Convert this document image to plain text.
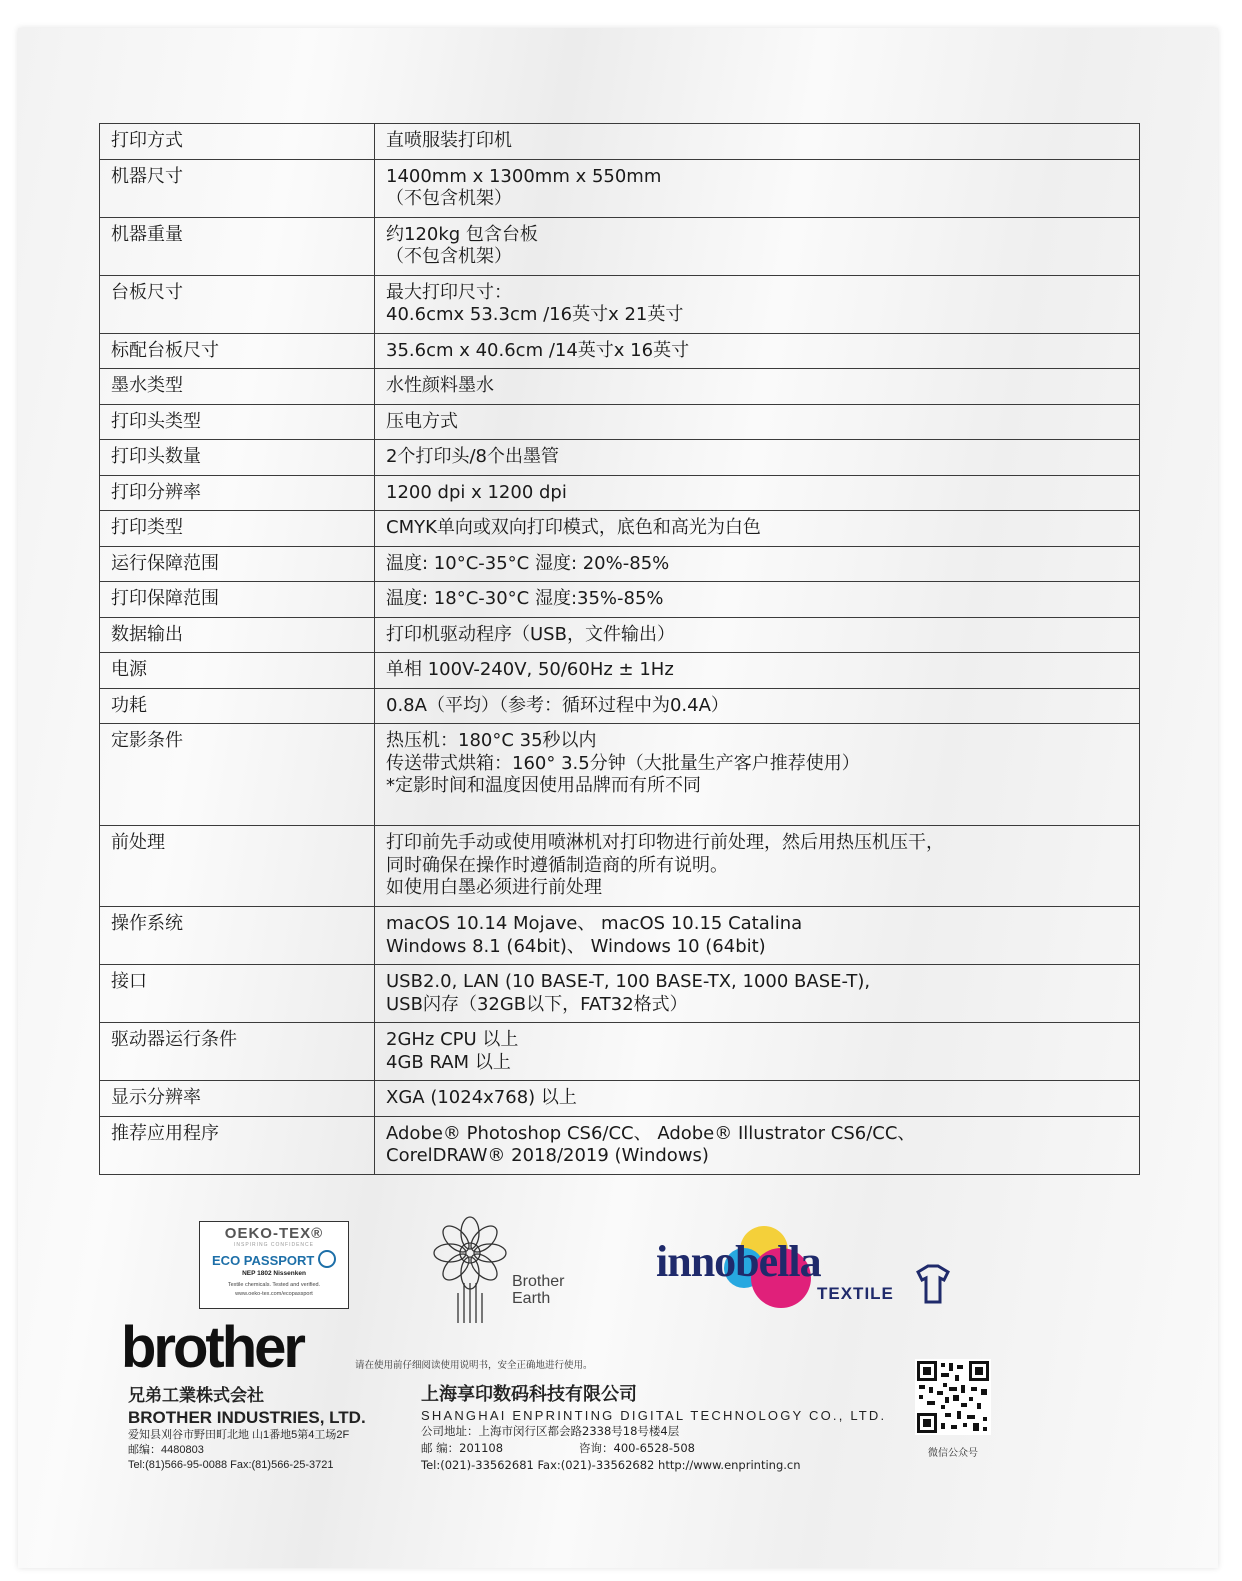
打印方式	直喷服装打印机
机器尺寸	1400mm x 1300mm x 550mm
（不包含机架）
机器重量	约120kg 包含台板
（不包含机架）
台板尺寸	最大打印尺寸：
40.6cmx 53.3cm /16英寸x 21英寸
标配台板尺寸	35.6cm x 40.6cm /14英寸x 16英寸
墨水类型	水性颜料墨水
打印头类型	压电方式
打印头数量	2个打印头/8个出墨管
打印分辨率	1200 dpi x 1200 dpi
打印类型	CMYK单向或双向打印模式，底色和高光为白色
运行保障范围	温度: 10°C-35°C 湿度: 20%-85%
打印保障范围	温度: 18°C-30°C 湿度:35%-85%
数据输出	打印机驱动程序（USB，文件输出）
电源	单相 100V-240V, 50/60Hz ± 1Hz
功耗	0.8A（平均）（参考：循环过程中为0.4A）
定影条件	热压机：180°C 35秒以内
传送带式烘箱：160° 3.5分钟（大批量生产客户推荐使用）
*定影时间和温度因使用品牌而有所不同
前处理	打印前先手动或使用喷淋机对打印物进行前处理，然后用热压机压干，
同时确保在操作时遵循制造商的所有说明。
如使用白墨必须进行前处理
操作系统	macOS 10.14 Mojave、 macOS 10.15 Catalina
Windows 8.1 (64bit)、 Windows 10 (64bit)
接口	USB2.0, LAN (10 BASE-T, 100 BASE-TX, 1000 BASE-T),
USB闪存（32GB以下，FAT32格式）
驱动器运行条件	2GHz CPU 以上
4GB RAM 以上
显示分辨率	XGA (1024x768) 以上
推荐应用程序	Adobe® Photoshop CS6/CC、 Adobe® Illustrator CS6/CC、
CorelDRAW® 2018/2019 (Windows)
OEKO-TEX®
INSPIRING CONFIDENCE
ECO PASSPORT
NEP 1802 Nissenken
Textile chemicals. Tested and verified.
www.oeko-tex.com/ecopassport
Brother
Earth
innobella
TEXTILE
brother	请在使用前仔细阅读使用说明书，安全正确地进行使用。
兄弟工業株式会社
BROTHER INDUSTRIES, LTD.
爱知县刈谷市野田町北地 山1番地5第4工场2F
邮编：4480803
Tel:(81)566-95-0088 Fax:(81)566-25-3721
上海享印数码科技有限公司
SHANGHAI ENPRINTING DIGITAL TECHNOLOGY CO., LTD.
公司地址：上海市闵行区都会路2338号18号楼4层
邮 编：201108	咨询：400-6528-508
Tel:(021)-33562681 Fax:(021)-33562682 http://www.enprinting.cn
微信公众号
